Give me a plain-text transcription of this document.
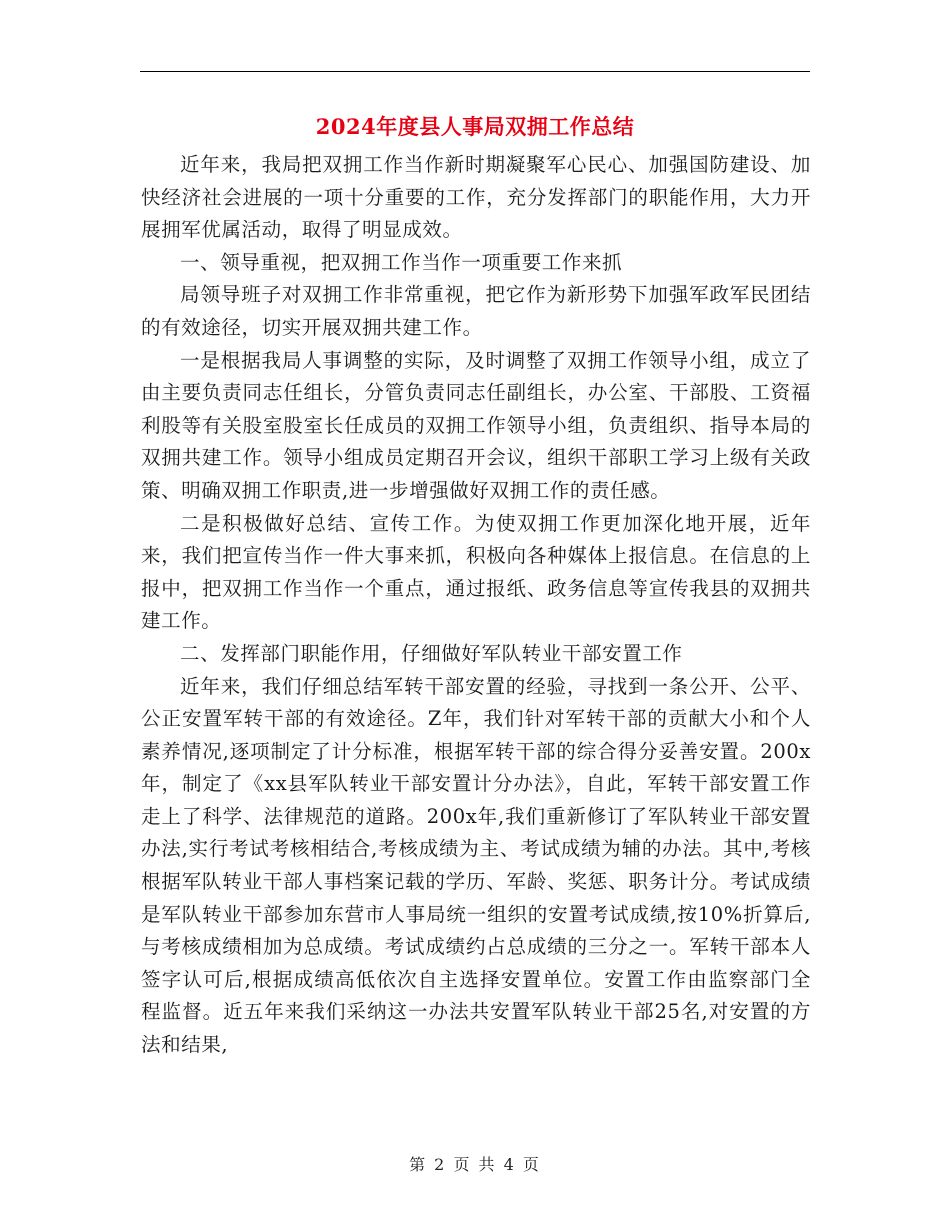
2024年度县人事局双拥工作总结

近年来，我局把双拥工作当作新时期凝聚军心民心、加强国防建设、加快经济社会进展的一项十分重要的工作，充分发挥部门的职能作用，大力开展拥军优属活动，取得了明显成效。

一、领导重视，把双拥工作当作一项重要工作来抓

局领导班子对双拥工作非常重视，把它作为新形势下加强军政军民团结的有效途径，切实开展双拥共建工作。

一是根据我局人事调整的实际，及时调整了双拥工作领导小组，成立了由主要负责同志任组长，分管负责同志任副组长，办公室、干部股、工资福利股等有关股室股室长任成员的双拥工作领导小组，负责组织、指导本局的双拥共建工作。领导小组成员定期召开会议，组织干部职工学习上级有关政策、明确双拥工作职责,进一步增强做好双拥工作的责任感。

二是积极做好总结、宣传工作。为使双拥工作更加深化地开展，近年来，我们把宣传当作一件大事来抓，积极向各种媒体上报信息。在信息的上报中，把双拥工作当作一个重点，通过报纸、政务信息等宣传我县的双拥共建工作。

二、发挥部门职能作用，仔细做好军队转业干部安置工作

近年来，我们仔细总结军转干部安置的经验，寻找到一条公开、公平、公正安置军转干部的有效途径。Z年，我们针对军转干部的贡献大小和个人素养情况,逐项制定了计分标准，根据军转干部的综合得分妥善安置。200x年，制定了《xx县军队转业干部安置计分办法》，自此，军转干部安置工作走上了科学、法律规范的道路。200x年,我们重新修订了军队转业干部安置办法,实行考试考核相结合,考核成绩为主、考试成绩为辅的办法。其中,考核根据军队转业干部人事档案记载的学历、军龄、奖惩、职务计分。考试成绩是军队转业干部参加东营市人事局统一组织的安置考试成绩,按10%折算后,与考核成绩相加为总成绩。考试成绩约占总成绩的三分之一。军转干部本人签字认可后,根据成绩高低依次自主选择安置单位。安置工作由监察部门全程监督。近五年来我们采纳这一办法共安置军队转业干部25名,对安置的方法和结果,

第 2 页 共 4 页
